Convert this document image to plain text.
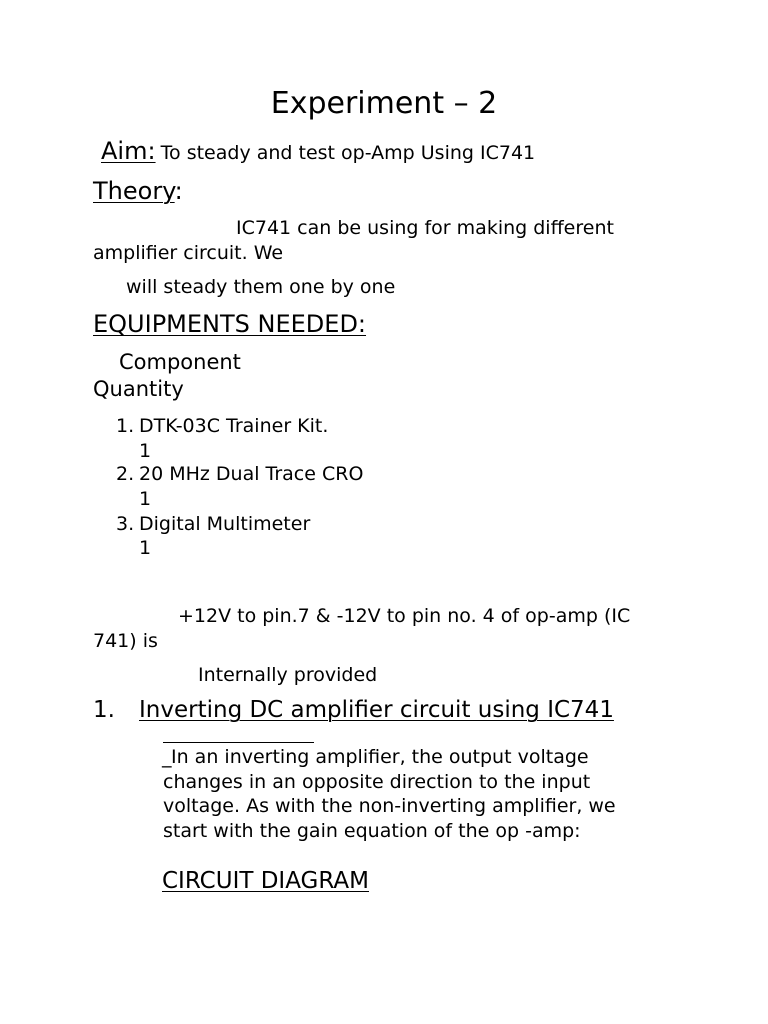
Experiment – 2
Aim: To steady and test op-Amp Using IC741
Theory:
IC741 can be using for making different
amplifier circuit. We
will steady them one by one
EQUIPMENTS NEEDED:
Component
Quantity
1. DTK-03C Trainer Kit.
1
2. 20 MHz Dual Trace CRO
1
3. Digital Multimeter
1
+12V to pin.7 & -12V to pin no. 4 of op-amp (IC
741) is
Internally provided
1. Inverting DC amplifier circuit using IC741
_ In an inverting amplifier, the output voltage
changes in an opposite direction to the input
voltage. As with the non-inverting amplifier, we
start with the gain equation of the op -amp:
CIRCUIT DIAGRAM
